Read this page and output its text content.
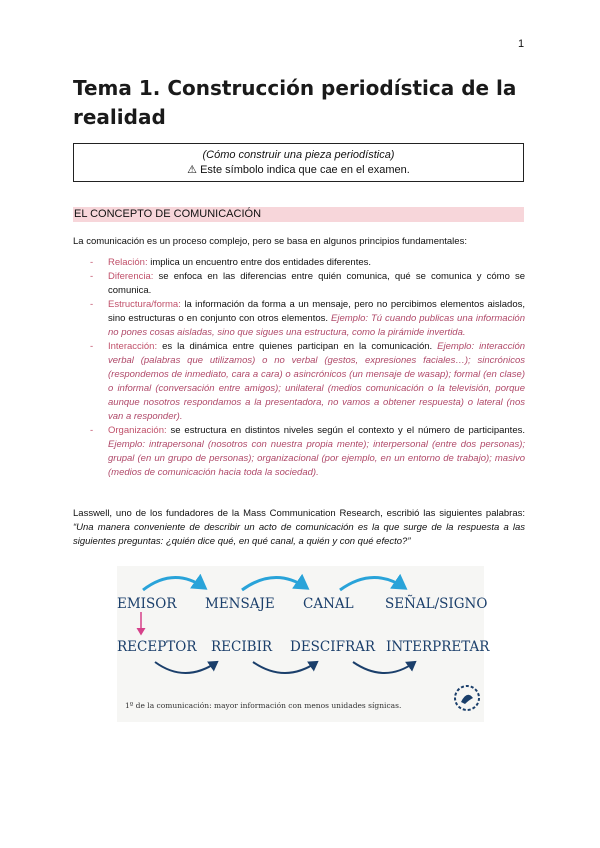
1
Tema 1. Construcción periodística de la realidad
(Cómo construir una pieza periodística)
⚠ Este símbolo indica que cae en el examen.
EL CONCEPTO DE COMUNICACIÓN

La comunicación es un proceso complejo, pero se basa en algunos principios fundamentales:

- Relación: implica un encuentro entre dos entidades diferentes.
- Diferencia: se enfoca en las diferencias entre quién comunica, qué se comunica y cómo se comunica.
- Estructura/forma: la información da forma a un mensaje, pero no percibimos elementos aislados, sino estructuras o en conjunto con otros elementos. Ejemplo: Tú cuando publicas una información no pones cosas aisladas, sino que sigues una estructura, como la pirámide invertida.
- Interacción: es la dinámica entre quienes participan en la comunicación. Ejemplo: interacción verbal (palabras que utilizamos) o no verbal (gestos, expresiones faciales…); sincrónicos (respondemos de inmediato, cara a cara) o asincrónicos (un mensaje de wasap); formal (en clase) o informal (conversación entre amigos); unilateral (medios comunicación o la televisión, porque aunque nosotros respondamos a la presentadora, no vamos a obtener respuesta) o lateral (nos van a responder).
- Organización: se estructura en distintos niveles según el contexto y el número de participantes. Ejemplo: intrapersonal (nosotros con nuestra propia mente); interpersonal (entre dos personas); grupal (en un grupo de personas); organizacional (por ejemplo, en un entorno de trabajo); masivo (medios de comunicación hacia toda la sociedad).

Lasswell, uno de los fundadores de la Mass Communication Research, escribió las siguientes palabras: “Una manera conveniente de describir un acto de comunicación es la que surge de la respuesta a las siguientes preguntas: ¿quién dice qué, en qué canal, a quién y con qué efecto?”

EMISOR MENSAJE CANAL SEÑAL/SIGNO
RECEPTOR RECIBIR DESCIFRAR INTERPRETAR
1º de la comunicación: mayor información con menos unidades sígnicas.
